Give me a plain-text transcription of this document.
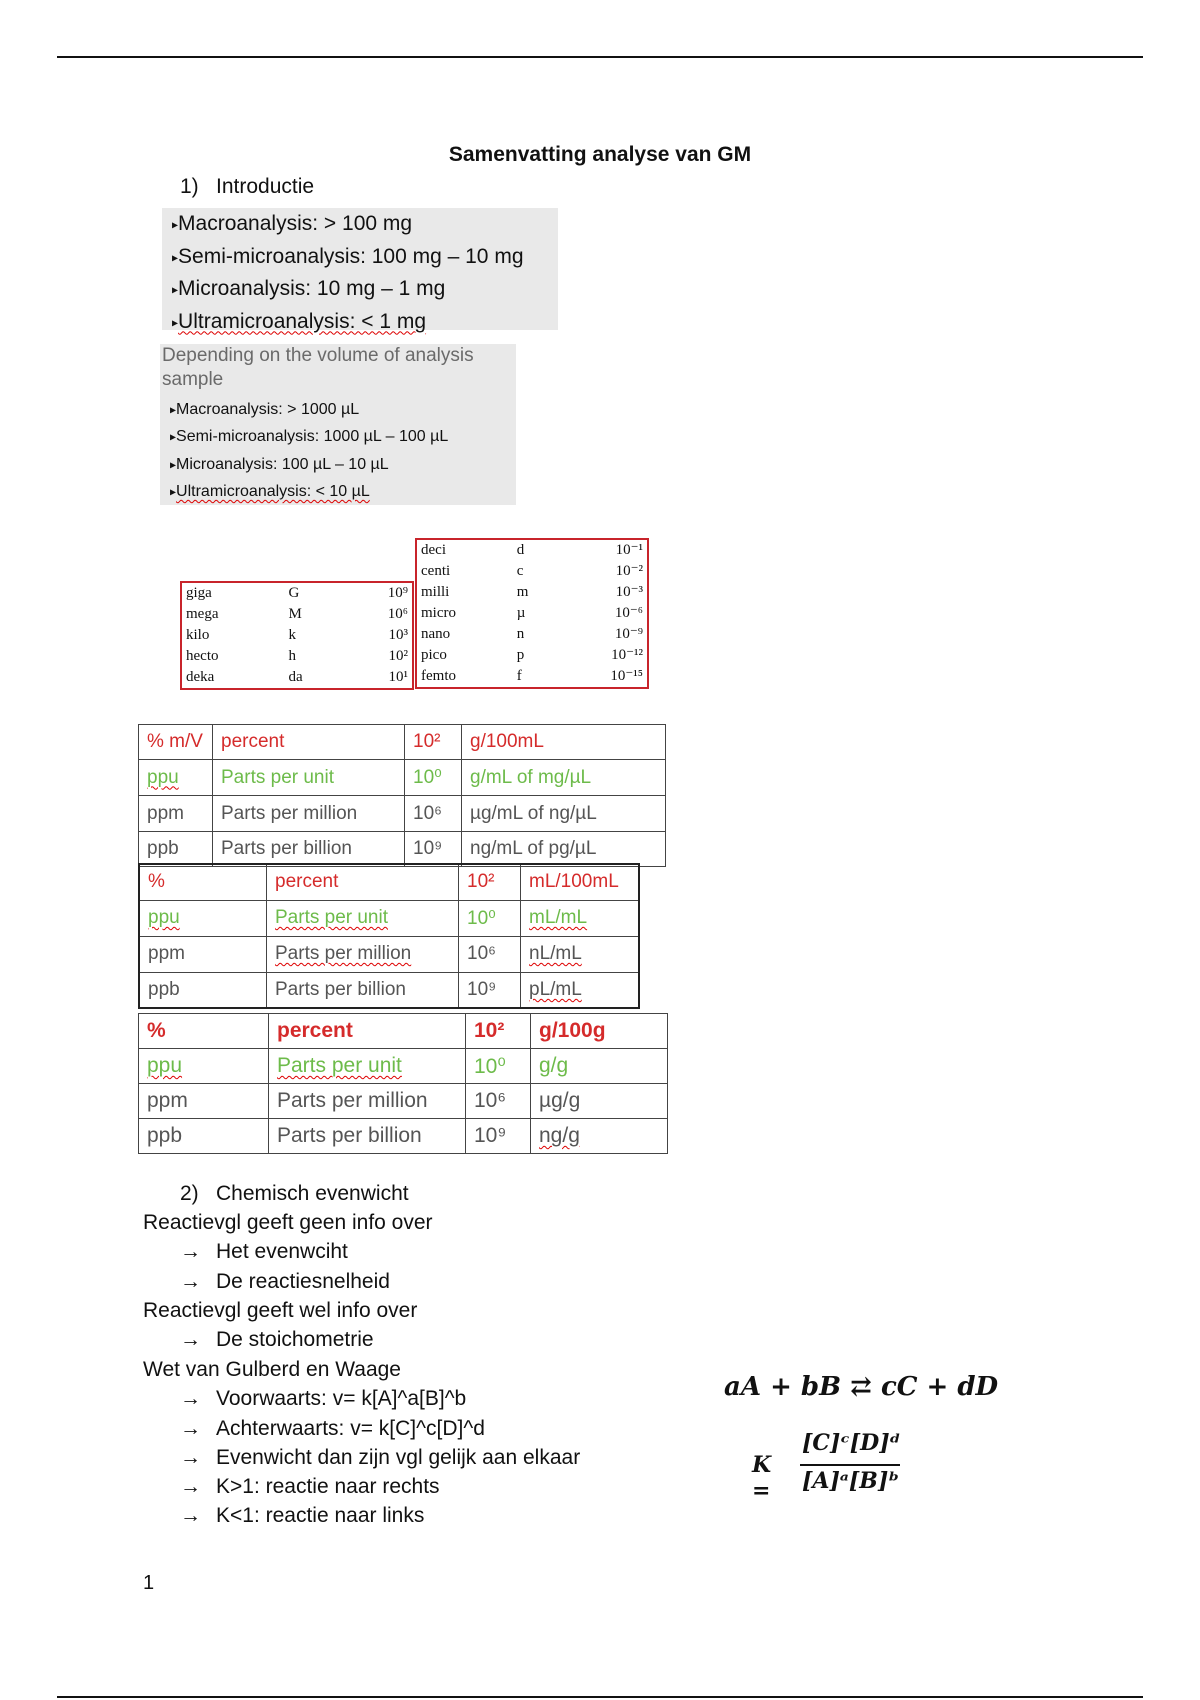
Samenvatting analyse van GM
1) Introductie
▸Macroanalysis: > 100 mg
▸Semi-microanalysis: 100 mg – 10 mg
▸Microanalysis: 10 mg – 1 mg
▸Ultramicroanalysis: < 1 mg
Depending on the volume of analysis sample
▸Macroanalysis: > 1000 µL
▸Semi-microanalysis: 1000 µL – 100 µL
▸Microanalysis: 100 µL – 10 µL
▸Ultramicroanalysis: < 10 µL
giga	G	10⁹
mega	M	10⁶
kilo	k	10³
hecto	h	10²
deka	da	10¹
deci	d	10⁻¹
centi	c	10⁻²
milli	m	10⁻³
micro	µ	10⁻⁶
nano	n	10⁻⁹
pico	p	10⁻¹²
femto	f	10⁻¹⁵
% m/V	percent	10²	g/100mL
ppu	Parts per unit	10⁰	g/mL of mg/µL
ppm	Parts per million	10⁶	µg/mL of ng/µL
ppb	Parts per billion	10⁹	ng/mL of pg/µL
%	percent	10²	mL/100mL
ppu	Parts per unit	10⁰	mL/mL
ppm	Parts per million	10⁶	nL/mL
ppb	Parts per billion	10⁹	pL/mL
%	percent	10²	g/100g
ppu	Parts per unit	10⁰	g/g
ppm	Parts per million	10⁶	µg/g
ppb	Parts per billion	10⁹	ng/g
2) Chemisch evenwicht
Reactievgl geeft geen info over
→ Het evenwciht
→ De reactiesnelheid
Reactievgl geeft wel info over
→ De stoichometrie
Wet van Gulberd en Waage
→ Voorwaarts: v= k[A]^a[B]^b
→ Achterwaarts: v= k[C]^c[D]^d
→ Evenwicht dan zijn vgl gelijk aan elkaar
→ K>1: reactie naar rechts
→ K<1: reactie naar links
aA + bB ⇄ cC + dD
K =
[C]ᶜ[D]ᵈ
[A]ᵃ[B]ᵇ
1
